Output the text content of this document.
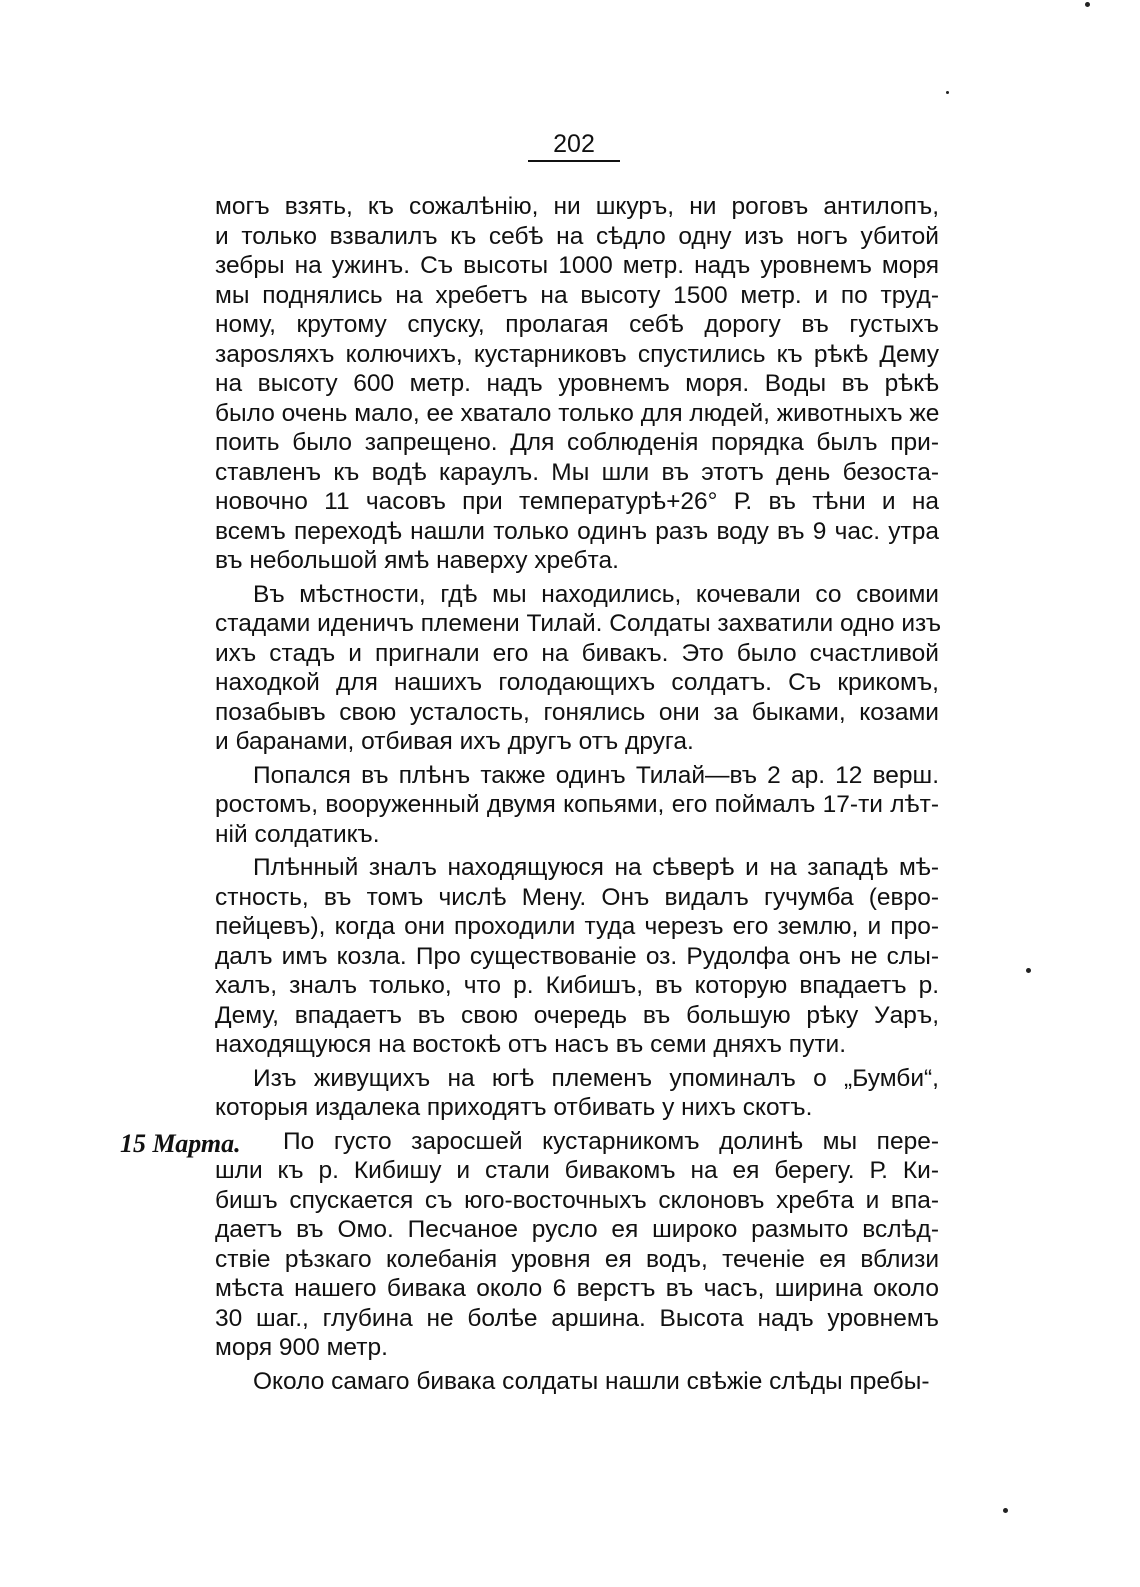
202
могъ взять, къ сожалѣнію, ни шкуръ, ни роговъ антилопъ,
и только взвалилъ къ себѣ на сѣдло одну изъ ногъ убитой
зебры на ужинъ. Съ высоты 1000 метр. надъ уровнемъ моря
мы поднялись на хребетъ на высоту 1500 метр. и по труд-
ному, крутому спуску, пролагая себѣ дорогу въ густыхъ
зарosляхъ колючихъ, кустарниковъ спустились къ рѣкѣ Дему
на высоту 600 метр. надъ уровнемъ моря. Воды въ рѣкѣ
было очень мало, ее хватало только для людей, животныхъ же
поить было запрещено. Для соблюденія порядка былъ при-
ставленъ къ водѣ караулъ. Мы шли въ этотъ день безоста-
новочно 11 часовъ при температурѣ+26° Р. въ тѣни и на
всемъ переходѣ нашли только одинъ разъ воду въ 9 час. утра
въ небольшой ямѣ наверху хребта.
Въ мѣстности, гдѣ мы находились, кочевали со своими
стадами иденичъ племени Тилай. Солдаты захватили одно изъ
ихъ стадъ и пригнали его на бивакъ. Это было счастливой
находкой для нашихъ голодающихъ солдатъ. Съ крикомъ,
позабывъ свою усталость, гонялись они за быками, козами
и баранами, отбивая ихъ другъ отъ друга.
Попался въ плѣнъ также одинъ Тилай—въ 2 ар. 12 верш.
ростомъ, вооруженный двумя копьями, его поймалъ 17-ти лѣт-
ній солдатикъ.
Плѣнный зналъ находящуюся на сѣверѣ и на западѣ мѣ-
стность, въ томъ числѣ Мену. Онъ видалъ гучумба (евро-
пейцевъ), когда они проходили туда черезъ его землю, и про-
далъ имъ козла. Про существованіе оз. Рудолфа онъ не слы-
халъ, зналъ только, что р. Кибишъ, въ которую впадаетъ р.
Дему, впадаетъ въ свою очередь въ большую рѣку Уаръ,
находящуюся на востокѣ отъ насъ въ семи дняхъ пути.
Изъ живущихъ на югѣ племенъ упоминалъ о „Бумби“,
которыя издалека приходятъ отбивать у нихъ скотъ.
По густо заросшей кустарникомъ долинѣ мы пере-
шли къ р. Кибишу и стали бивакомъ на ея берегу. Р. Ки-
бишъ спускается съ юго-восточныхъ склоновъ хребта и впа-
даетъ въ Омо. Песчаное русло ея широко размыто вслѣд-
ствіе рѣзкаго колебанія уровня ея водъ, теченіе ея вблизи
мѣста нашего бивака около 6 верстъ въ часъ, ширина около
30 шаг., глубина не болѣе аршина. Высота надъ уровнемъ
моря 900 метр.
Около самаго бивака солдаты нашли свѣжіе слѣды пребы-
15 Марта.
